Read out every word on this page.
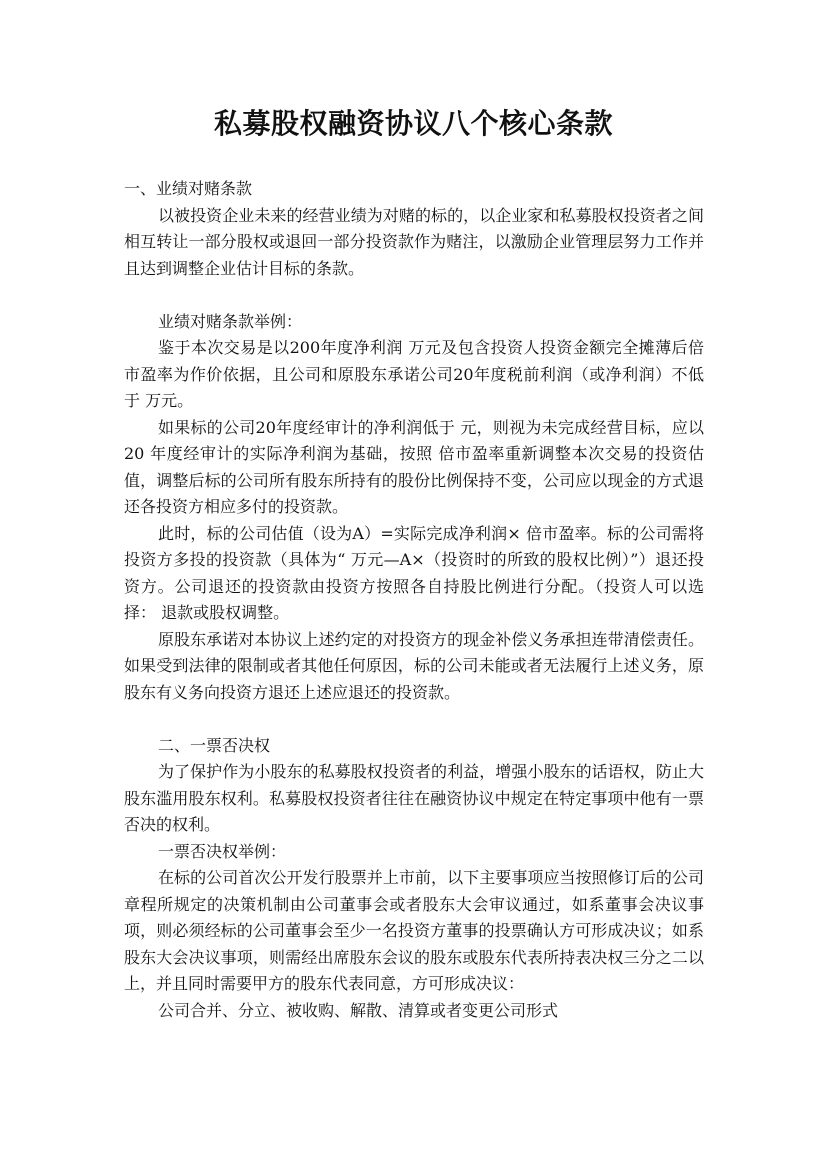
私募股权融资协议八个核心条款

一、业绩对赌条款

以被投资企业未来的经营业绩为对赌的标的，以企业家和私募股权投资者之间相互转让一部分股权或退回一部分投资款作为赌注，以激励企业管理层努力工作并且达到调整企业估计目标的条款。

业绩对赌条款举例：

鉴于本次交易是以200年度净利润 万元及包含投资人投资金额完全摊薄后倍市盈率为作价依据，且公司和原股东承诺公司20年度税前利润（或净利润）不低于 万元。

如果标的公司20年度经审计的净利润低于 元，则视为未完成经营目标，应以20 年度经审计的实际净利润为基础，按照 倍市盈率重新调整本次交易的投资估值，调整后标的公司所有股东所持有的股份比例保持不变，公司应以现金的方式退还各投资方相应多付的投资款。

此时，标的公司估值（设为A）=实际完成净利润× 倍市盈率。标的公司需将投资方多投的投资款（具体为“ 万元—A×（投资时的所致的股权比例）”）退还投资方。公司退还的投资款由投资方按照各自持股比例进行分配。（投资人可以选择： 退款或股权调整。

原股东承诺对本协议上述约定的对投资方的现金补偿义务承担连带清偿责任。如果受到法律的限制或者其他任何原因，标的公司未能或者无法履行上述义务，原股东有义务向投资方退还上述应退还的投资款。

二、一票否决权

为了保护作为小股东的私募股权投资者的利益，增强小股东的话语权，防止大股东滥用股东权利。私募股权投资者往往在融资协议中规定在特定事项中他有一票否决的权利。

一票否决权举例：

在标的公司首次公开发行股票并上市前，以下主要事项应当按照修订后的公司章程所规定的决策机制由公司董事会或者股东大会审议通过，如系董事会决议事项，则必须经标的公司董事会至少一名投资方董事的投票确认方可形成决议；如系股东大会决议事项，则需经出席股东会议的股东或股东代表所持表决权三分之二以上，并且同时需要甲方的股东代表同意，方可形成决议：

公司合并、分立、被收购、解散、清算或者变更公司形式
